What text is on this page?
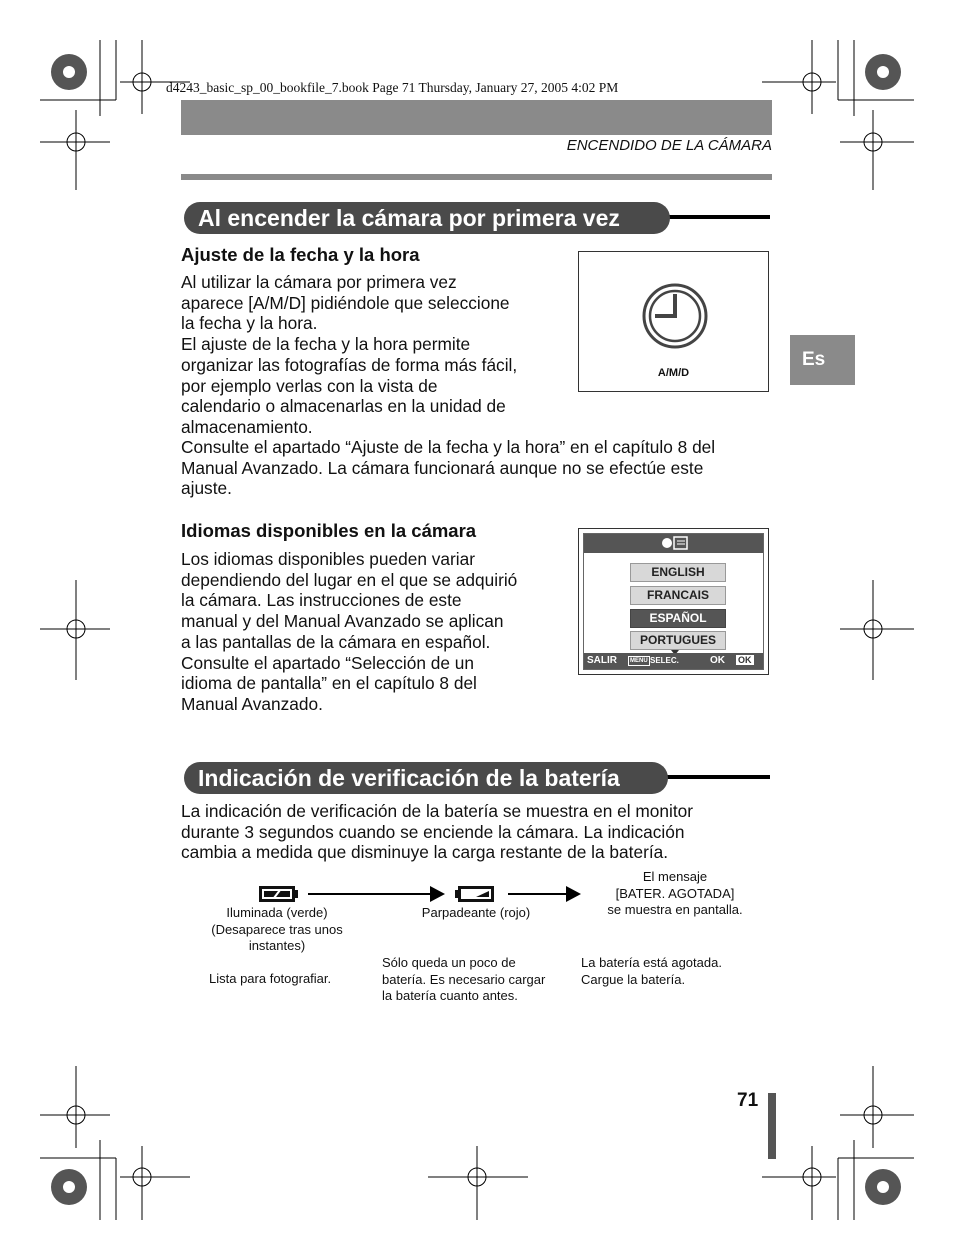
d4243_basic_sp_00_bookfile_7.book Page 71 Thursday, January 27, 2005 4:02 PM
ENCENDIDO DE LA CÁMARA
Es
Al encender la cámara por primera vez
Ajuste de la fecha y la hora
Al utilizar la cámara por primera vez
aparece [A/M/D] pidiéndole que seleccione
la fecha y la hora.
El ajuste de la fecha y la hora permite
organizar las fotografías de forma más fácil,
por ejemplo verlas con la vista de
calendario o almacenarlas en la unidad de
almacenamiento.
Consulte el apartado “Ajuste de la fecha y la hora” en el capítulo 8 del
Manual Avanzado. La cámara funcionará aunque no se efectúe este
ajuste.
A/M/D
Idiomas disponibles en la cámara
Los idiomas disponibles pueden variar
dependiendo del lugar en el que se adquirió
la cámara. Las instrucciones de este
manual y del Manual Avanzado se aplican
a las pantallas de la cámara en español.
Consulte el apartado “Selección de un
idioma de pantalla” en el capítulo 8 del
Manual Avanzado.
ENGLISH
FRANCAIS
ESPAÑOL
PORTUGUES
SALIR	MENU SELEC.	OK OK
Indicación de verificación de la batería
La indicación de verificación de la batería se muestra en el monitor
durante 3 segundos cuando se enciende la cámara. La indicación
cambia a medida que disminuye la carga restante de la batería.
Iluminada (verde)
(Desaparece tras unos
instantes)
Lista para fotografiar.
Parpadeante (rojo)
Sólo queda un poco de
batería. Es necesario cargar
la batería cuanto antes.
El mensaje
[BATER. AGOTADA]
se muestra en pantalla.
La batería está agotada.
Cargue la batería.
71
